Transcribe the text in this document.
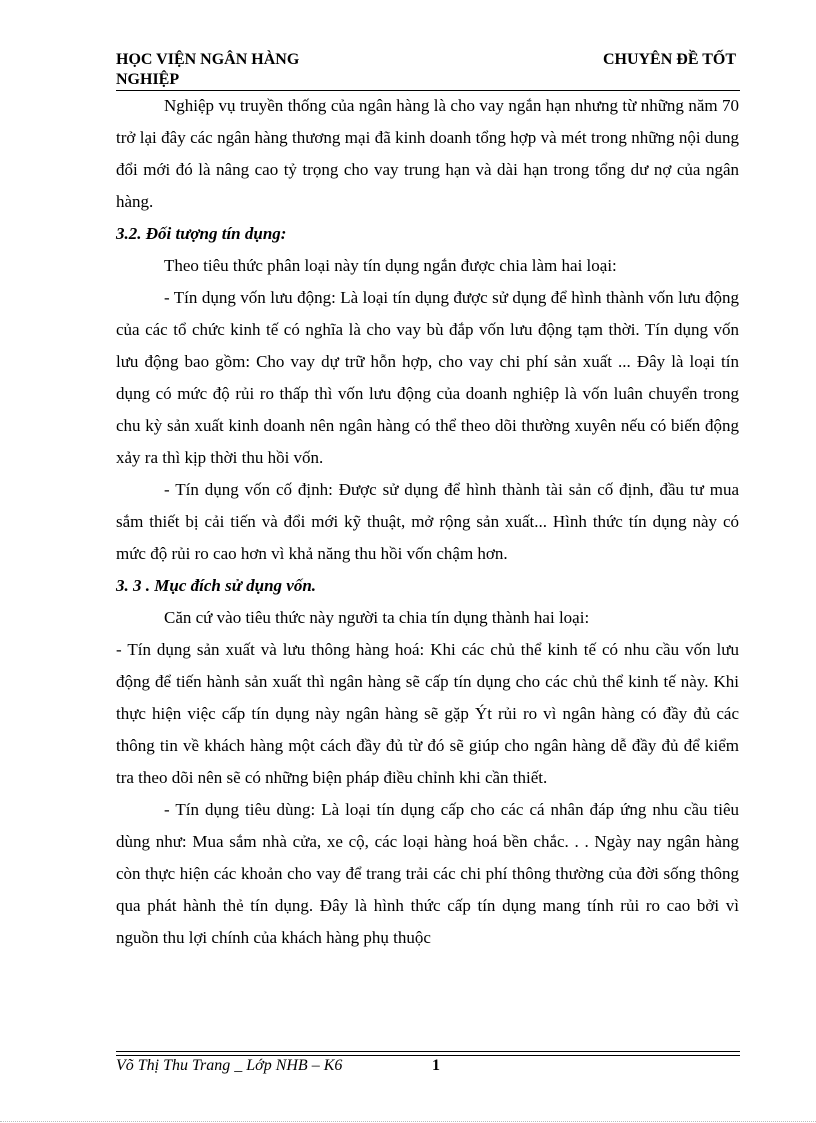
HỌC VIỆN NGÂN HÀNG	CHUYÊN ĐỀ TỐT
NGHIỆP

Nghiệp vụ truyền thống của ngân hàng là cho vay ngắn hạn nhưng từ những năm 70 trở lại đây các ngân hàng thương mại đã kinh doanh tổng hợp và mét trong những nội dung đổi mới đó là nâng cao tỷ trọng cho vay trung hạn và dài hạn trong tổng dư nợ của ngân hàng.

3.2. Đối tượng tín dụng:

Theo tiêu thức phân loại này tín dụng ngắn được chia làm hai loại:

- Tín dụng vốn lưu động: Là loại tín dụng được sử dụng để hình thành vốn lưu động của các tổ chức kinh tế có nghĩa là cho vay bù đắp vốn lưu động tạm thời. Tín dụng vốn lưu động bao gồm: Cho vay dự trữ hỗn hợp, cho vay chi phí sản xuất ... Đây là loại tín dụng có mức độ rủi ro thấp thì vốn lưu động của doanh nghiệp là vốn luân chuyển trong chu kỳ sản xuất kinh doanh nên ngân hàng có thể theo dõi thường xuyên nếu có biến động xảy ra thì kịp thời thu hồi vốn.

- Tín dụng vốn cố định: Được sử dụng để hình thành tài sản cố định, đầu tư mua sắm thiết bị cải tiến và đổi mới kỹ thuật, mở rộng sản xuất... Hình thức tín dụng này có mức độ rủi ro cao hơn vì khả năng thu hồi vốn chậm hơn.

3. 3 . Mục đích sử dụng vốn.

Căn cứ vào tiêu thức này người ta chia tín dụng thành hai loại:

- Tín dụng sản xuất và lưu thông hàng hoá: Khi các chủ thể kinh tế có nhu cầu vốn lưu động để tiến hành sản xuất thì ngân hàng sẽ cấp tín dụng cho các chủ thể kinh tế này. Khi thực hiện việc cấp tín dụng này ngân hàng sẽ gặp Ýt rủi ro vì ngân hàng có đầy đủ các thông tin về khách hàng một cách đầy đủ từ đó sẽ giúp cho ngân hàng dễ đầy đủ để kiểm tra theo dõi nên sẽ có những biện pháp điều chỉnh khi cần thiết.

- Tín dụng tiêu dùng: Là loại tín dụng cấp cho các cá nhân đáp ứng nhu cầu tiêu dùng như: Mua sắm nhà cửa, xe cộ, các loại hàng hoá bền chắc. . . Ngày nay ngân hàng còn thực hiện các khoản cho vay để trang trải các chi phí thông thường của đời sống thông qua phát hành thẻ tín dụng. Đây là hình thức cấp tín dụng mang tính rủi ro cao bởi vì nguồn thu lợi chính của khách hàng phụ thuộc

Võ Thị Thu Trang _ Lớp NHB – K6	1
